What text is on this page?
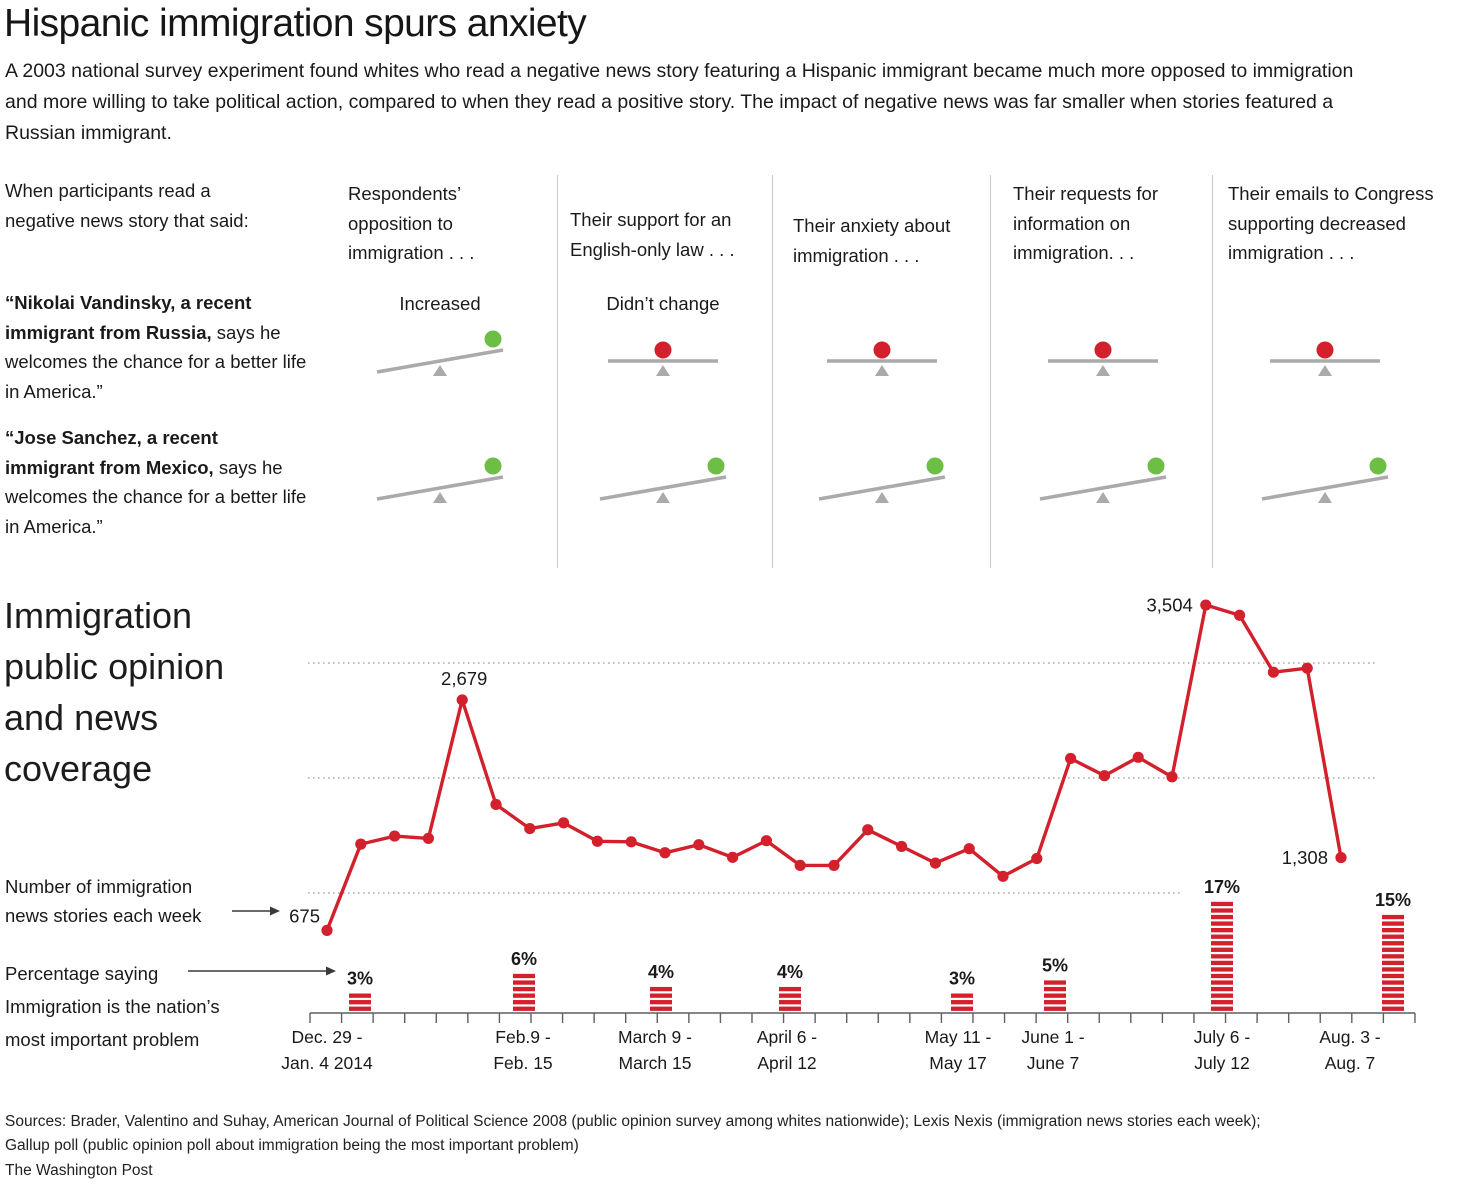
Hispanic immigration spurs anxiety
A 2003 national survey experiment found whites who read a negative news story featuring a Hispanic immigrant became much more opposed to immigration and more willing to take political action, compared to when they read a positive story. The impact of negative news was far smaller when stories featured a Russian immigrant.
When participants read a negative news story that said:
Respondents’ opposition to immigration . . .
Their support for an English-only law . . .
Their anxiety about immigration . . .
Their requests for information on immigration. . .
Their emails to Congress supporting decreased immigration . . .
“Nikolai Vandinsky, a recent immigrant from Russia, says he welcomes the chance for a better life in America.”
“Jose Sanchez, a recent immigrant from Mexico, says he welcomes the chance for a better life in America.”
Increased	Didn’t change
Immigration public opinion and news coverage
Number of immigration
news stories each week
Percentage saying
Immigration is the nation’s
most important problem
3%
6%
4%	4%	3%
5%
17%
15%
Dec. 29 -
Jan. 4 2014
Feb.9 -
Feb. 15
March 9 -
March 15
April 6 -
April 12
May 11 -
May 17
June 1 -
June 7
July 6 -
July 12
Aug. 3 -
Aug. 7
675
2,679
3,504
1,308
Sources: Brader, Valentino and Suhay, American Journal of Political Science 2008 (public opinion survey among whites nationwide); Lexis Nexis (immigration news stories each week);
Gallup poll (public opinion poll about immigration being the most important problem)
The Washington Post
